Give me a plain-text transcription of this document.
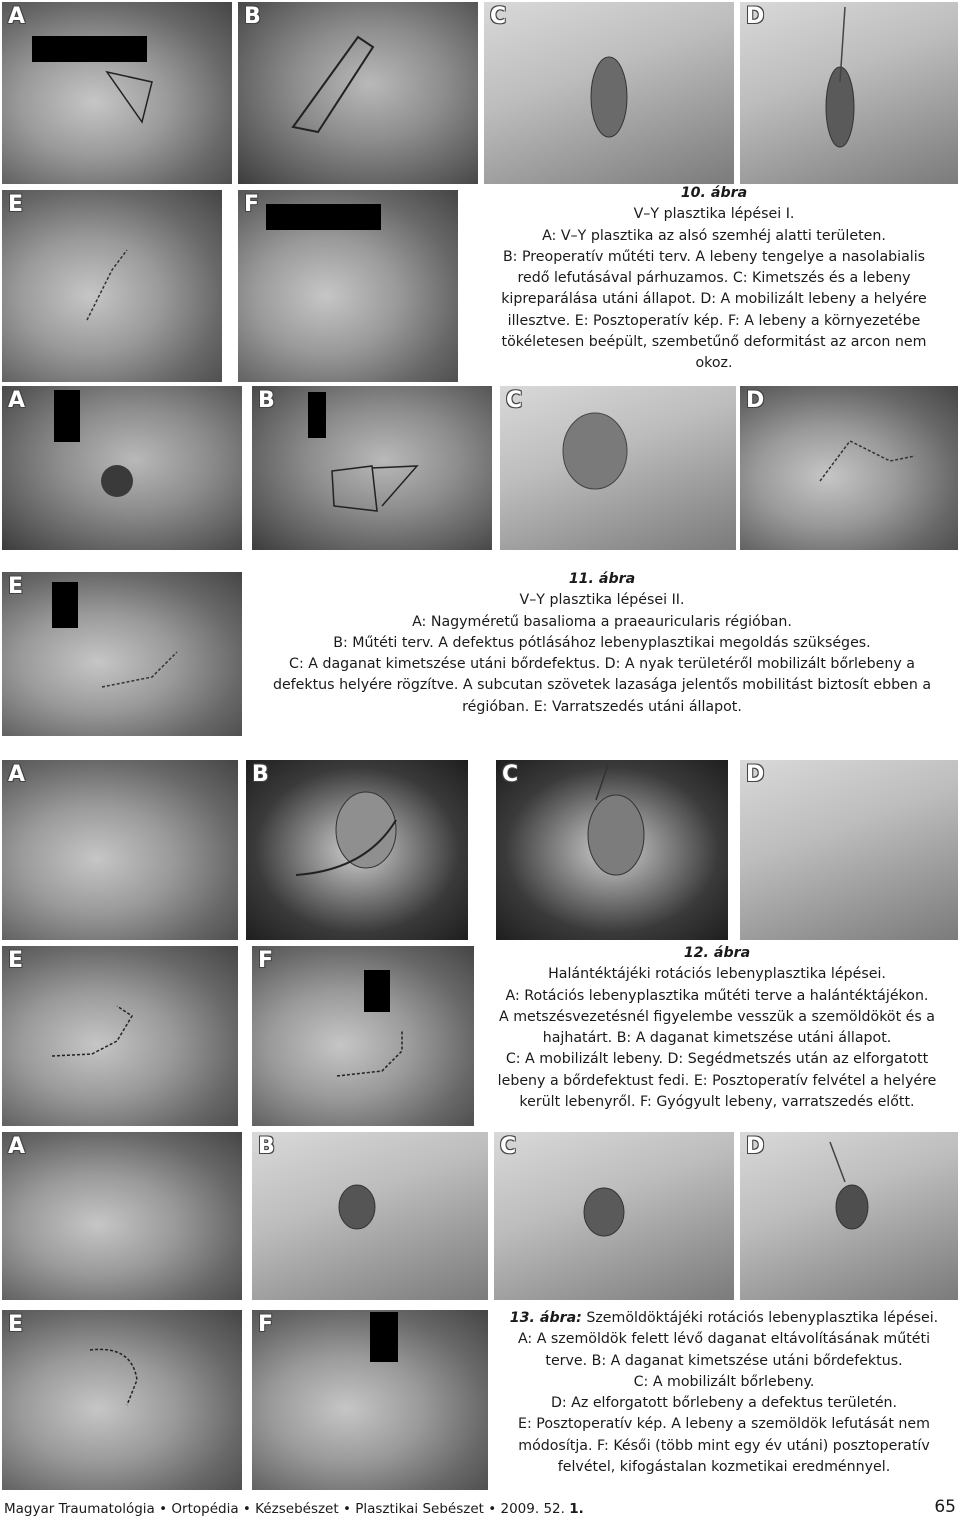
A	B	C	D
E	F	10. ábra
V–Y plasztika lépései I.
A: V–Y plasztika az alsó szemhéj alatti területen.
B: Preoperatív műtéti terv. A lebeny tengelye a nasolabialis
redő lefutásával párhuzamos. C: Kimetszés és a lebeny
kipreparálása utáni állapot. D: A mobilizált lebeny a helyére
illesztve. E: Posztoperatív kép. F: A lebeny a környezetébe
tökéletesen beépült, szembetűnő deformitást az arcon nem
okoz.
A	B	C	D
E	11. ábra
V–Y plasztika lépései II.
A: Nagyméretű basalioma a praeauricularis régióban.
B: Műtéti terv. A defektus pótlásához lebenyplasztikai megoldás szükséges.
C: A daganat kimetszése utáni bőrdefektus. D: A nyak területéről mobilizált bőrlebeny a
defektus helyére rögzítve. A subcutan szövetek lazasága jelentős mobilitást biztosít ebben a
régióban. E: Varratszedés utáni állapot.
A	B	C	D
E	F	12. ábra
Halántéktájéki rotációs lebenyplasztika lépései.
A: Rotációs lebenyplasztika műtéti terve a halántéktájékon.
A metszésvezetésnél figyelembe vesszük a szemöldököt és a
hajhatárt. B: A daganat kimetszése utáni állapot.
C: A mobilizált lebeny. D: Segédmetszés után az elforgatott
lebeny a bőrdefektust fedi. E: Posztoperatív felvétel a helyére
került lebenyről. F: Gyógyult lebeny, varratszedés előtt.
A	B	C	D
E	F	13. ábra: Szemöldöktájéki rotációs lebenyplasztika lépései.
A: A szemöldök felett lévő daganat eltávolításának műtéti
terve. B: A daganat kimetszése utáni bőrdefektus.
C: A mobilizált bőrlebeny.
D: Az elforgatott bőrlebeny a defektus területén.
E: Posztoperatív kép. A lebeny a szemöldök lefutását nem
módosítja. F: Késői (több mint egy év utáni) posztoperatív
felvétel, kifogástalan kozmetikai eredménnyel.
Magyar Traumatológia • Ortopédia • Kézsebészet • Plasztikai Sebészet • 2009. 52. 1.	65
